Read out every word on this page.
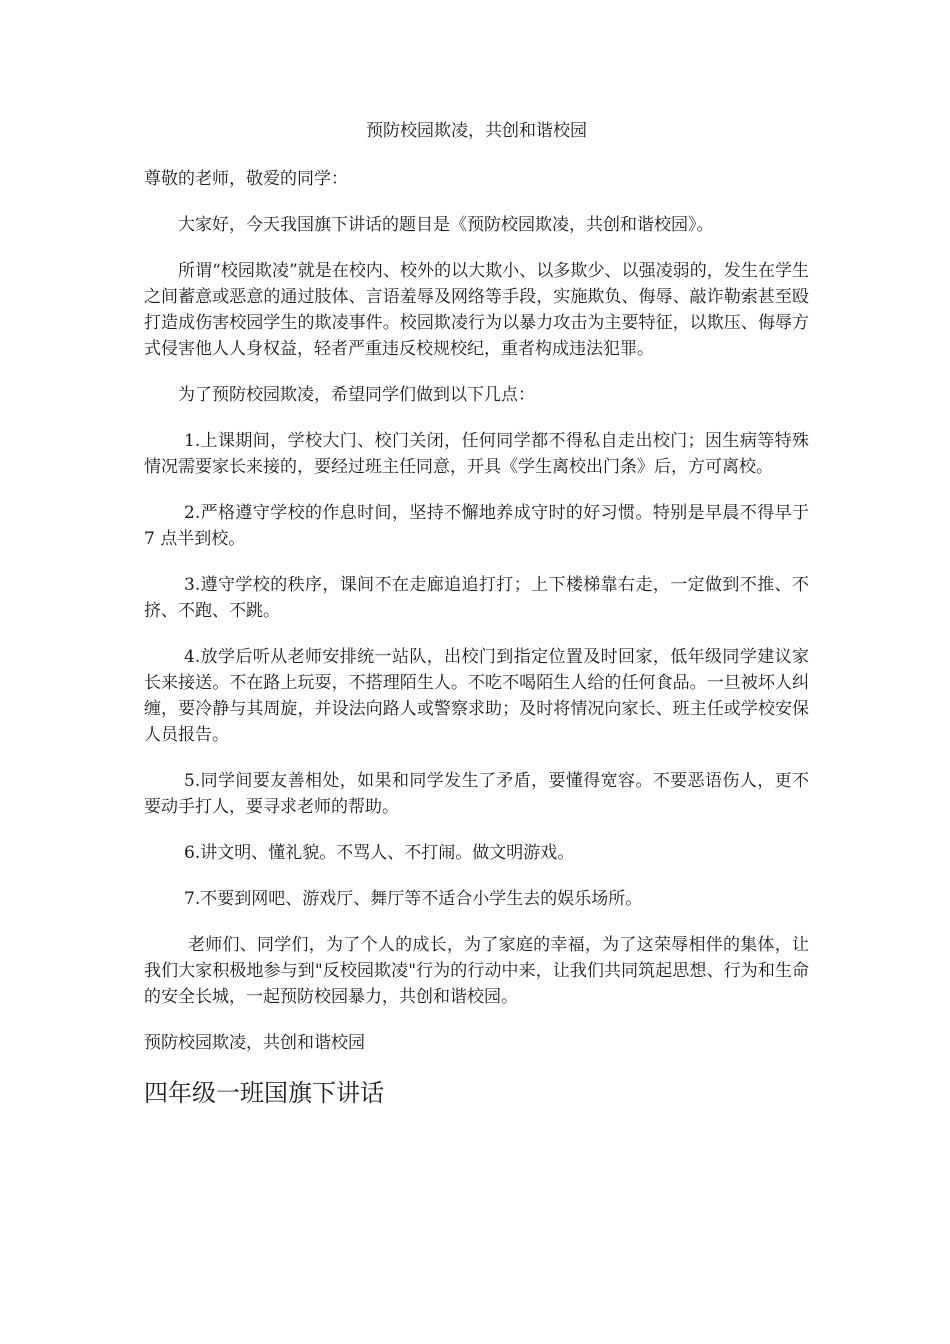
预防校园欺凌，共创和谐校园

尊敬的老师，敬爱的同学：

大家好，今天我国旗下讲话的题目是《预防校园欺凌，共创和谐校园》。

所谓“校园欺凌”就是在校内、校外的以大欺小、以多欺少、以强凌弱的，发生在学生之间蓄意或恶意的通过肢体、言语羞辱及网络等手段，实施欺负、侮辱、敲诈勒索甚至殴打造成伤害校园学生的欺凌事件。校园欺凌行为以暴力攻击为主要特征，以欺压、侮辱方式侵害他人人身权益，轻者严重违反校规校纪，重者构成违法犯罪。

为了预防校园欺凌，希望同学们做到以下几点：

1.上课期间，学校大门、校门关闭，任何同学都不得私自走出校门；因生病等特殊情况需要家长来接的，要经过班主任同意，开具《学生离校出门条》后，方可离校。

2.严格遵守学校的作息时间，坚持不懈地养成守时的好习惯。特别是早晨不得早于 7 点半到校。

3.遵守学校的秩序，课间不在走廊追追打打；上下楼梯靠右走，一定做到不推、不挤、不跑、不跳。

4.放学后听从老师安排统一站队，出校门到指定位置及时回家，低年级同学建议家长来接送。不在路上玩耍，不搭理陌生人。不吃不喝陌生人给的任何食品。一旦被坏人纠缠，要冷静与其周旋，并设法向路人或警察求助；及时将情况向家长、班主任或学校安保人员报告。

5.同学间要友善相处，如果和同学发生了矛盾，要懂得宽容。不要恶语伤人，更不要动手打人，要寻求老师的帮助。

6.讲文明、懂礼貌。不骂人、不打闹。做文明游戏。

7.不要到网吧、游戏厅、舞厅等不适合小学生去的娱乐场所。

老师们、同学们，为了个人的成长，为了家庭的幸福，为了这荣辱相伴的集体，让我们大家积极地参与到"反校园欺凌"行为的行动中来，让我们共同筑起思想、行为和生命的安全长城，一起预防校园暴力，共创和谐校园。

预防校园欺凌，共创和谐校园

四年级一班国旗下讲话
